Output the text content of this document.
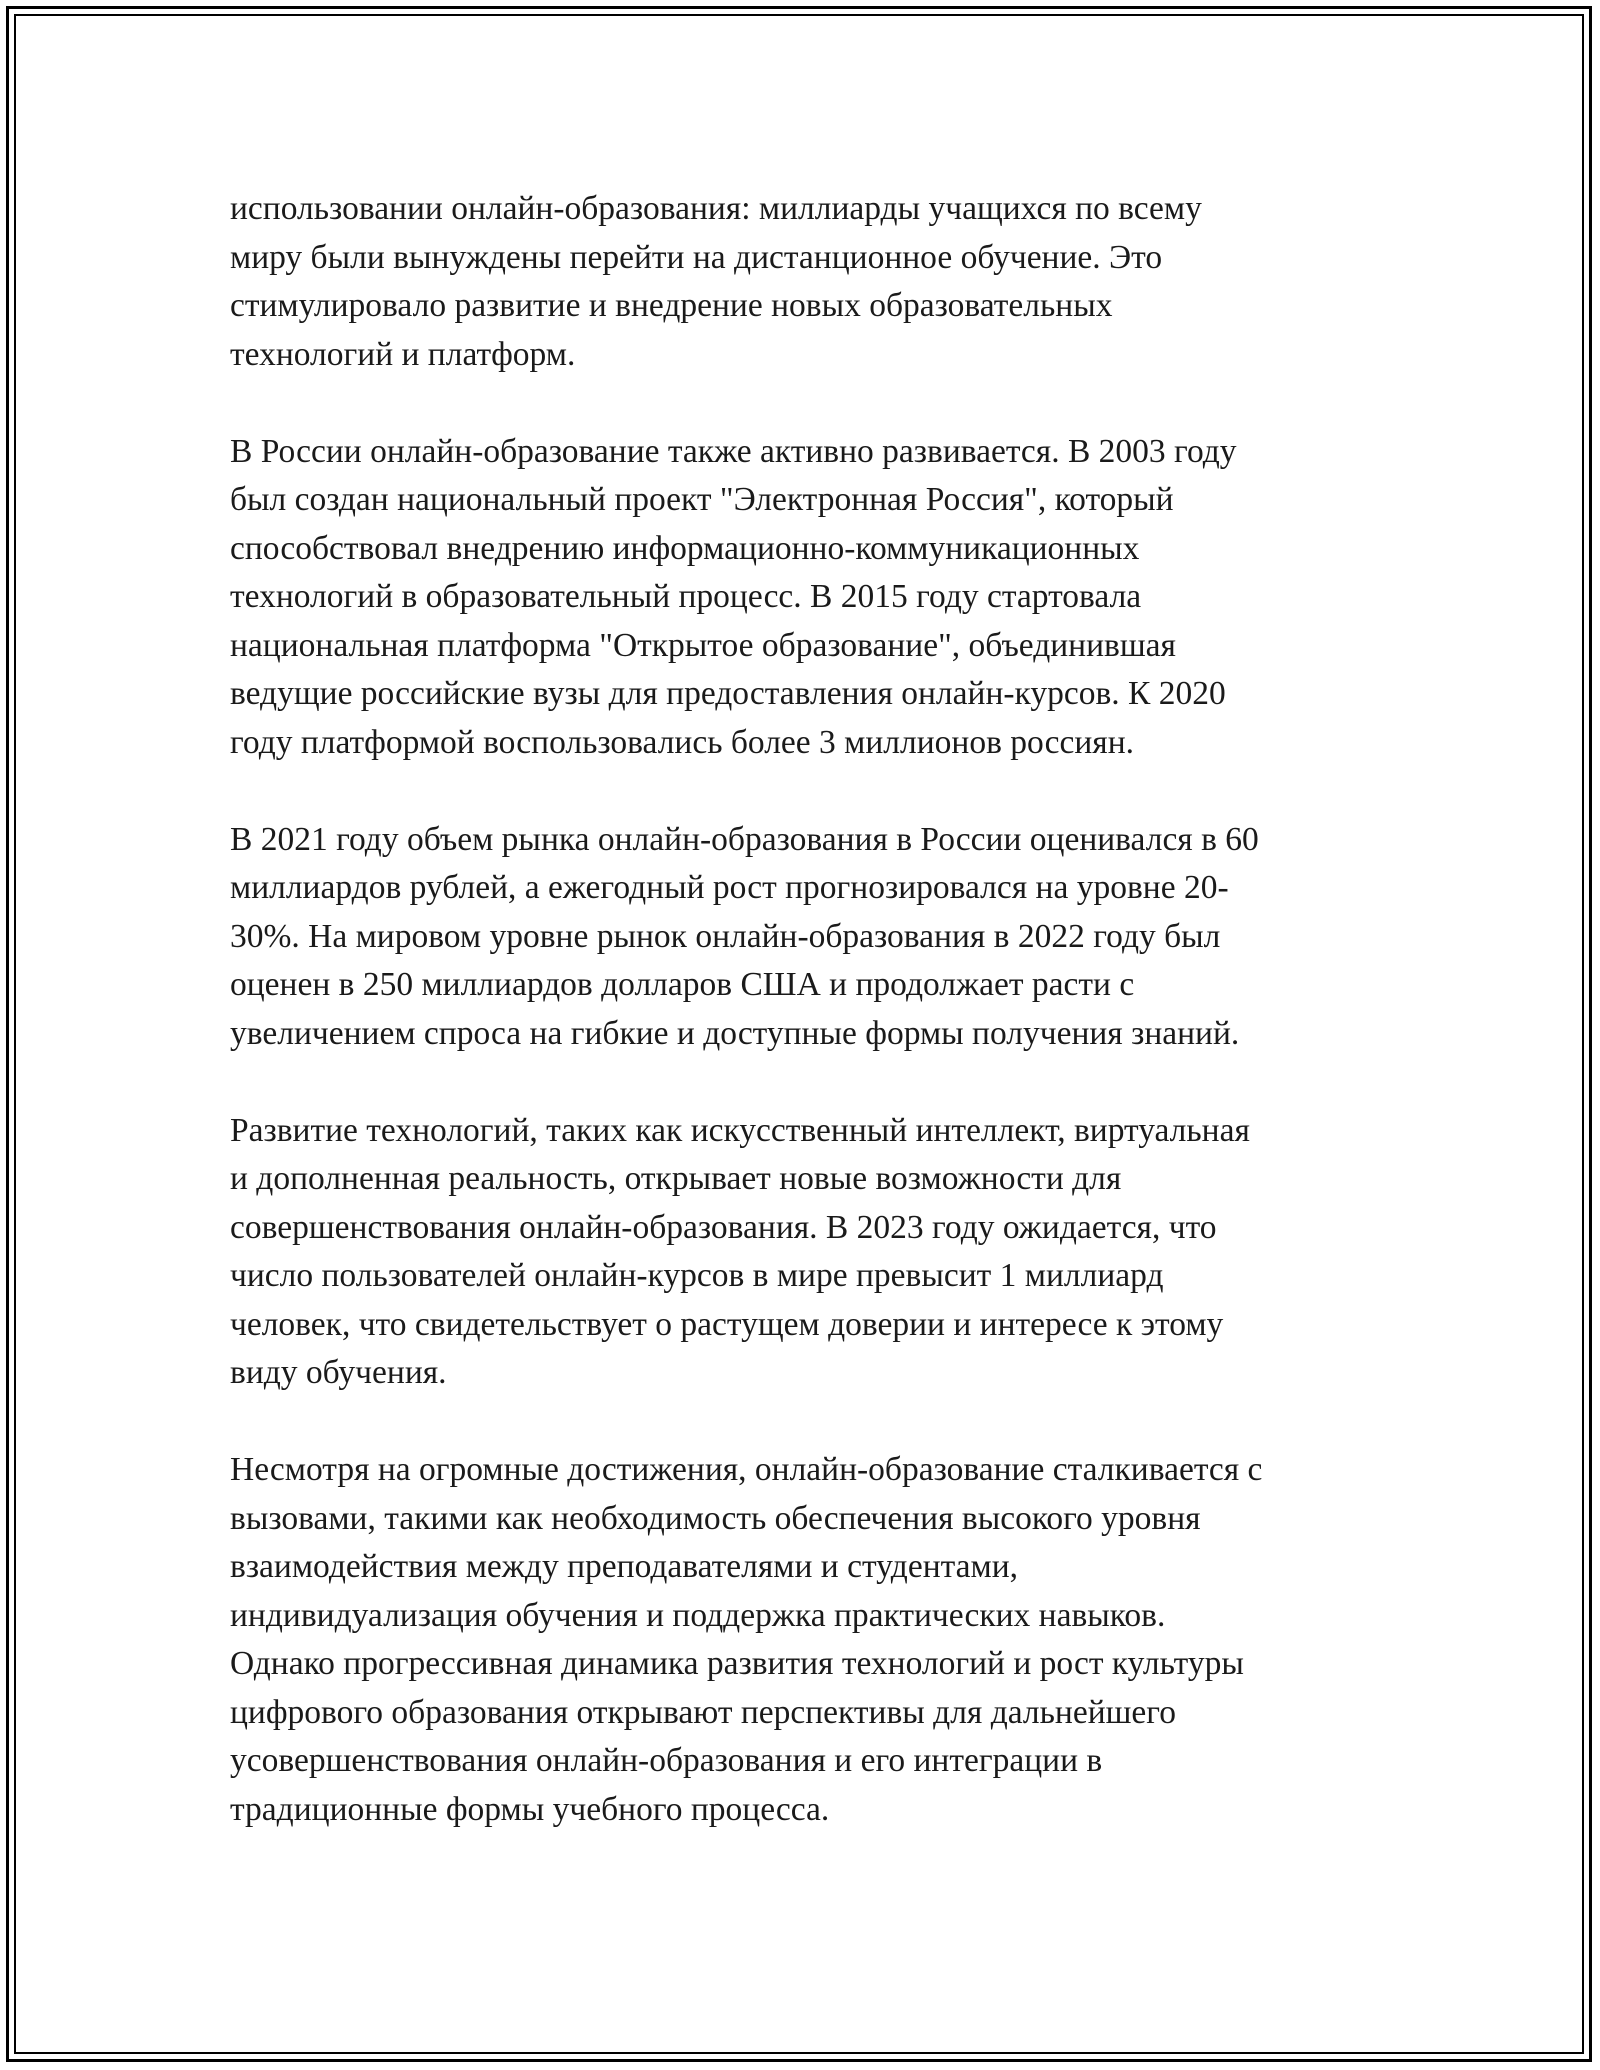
использовании онлайн-образования: миллиарды учащихся по всему
миру были вынуждены перейти на дистанционное обучение. Это
стимулировало развитие и внедрение новых образовательных
технологий и платформ.
В России онлайн-образование также активно развивается. В 2003 году
был создан национальный проект "Электронная Россия", который
способствовал внедрению информационно-коммуникационных
технологий в образовательный процесс. В 2015 году стартовала
национальная платформа "Открытое образование", объединившая
ведущие российские вузы для предоставления онлайн-курсов. К 2020
году платформой воспользовались более 3 миллионов россиян.
В 2021 году объем рынка онлайн-образования в России оценивался в 60
миллиардов рублей, а ежегодный рост прогнозировался на уровне 20-
30%. На мировом уровне рынок онлайн-образования в 2022 году был
оценен в 250 миллиардов долларов США и продолжает расти с
увеличением спроса на гибкие и доступные формы получения знаний.
Развитие технологий, таких как искусственный интеллект, виртуальная
и дополненная реальность, открывает новые возможности для
совершенствования онлайн-образования. В 2023 году ожидается, что
число пользователей онлайн-курсов в мире превысит 1 миллиард
человек, что свидетельствует о растущем доверии и интересе к этому
виду обучения.
Несмотря на огромные достижения, онлайн-образование сталкивается с
вызовами, такими как необходимость обеспечения высокого уровня
взаимодействия между преподавателями и студентами,
индивидуализация обучения и поддержка практических навыков.
Однако прогрессивная динамика развития технологий и рост культуры
цифрового образования открывают перспективы для дальнейшего
усовершенствования онлайн-образования и его интеграции в
традиционные формы учебного процесса.
